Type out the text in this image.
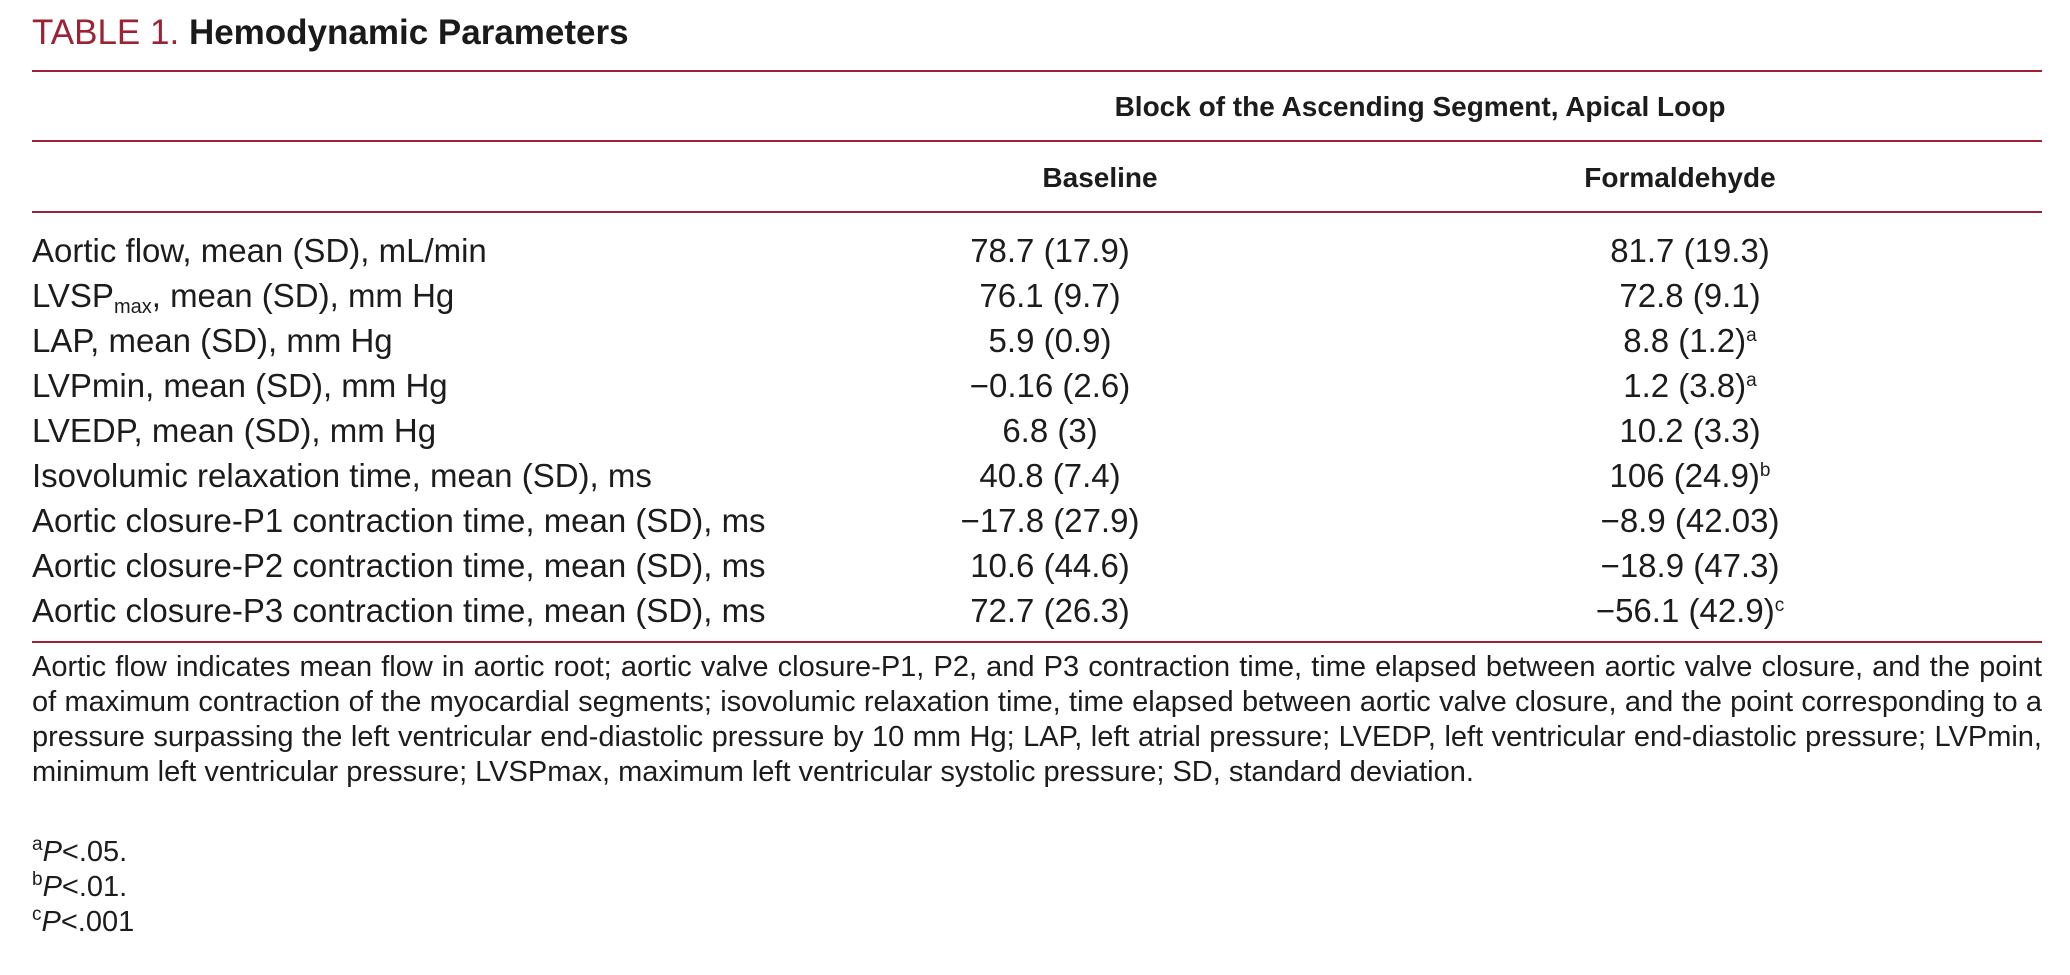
TABLE 1. Hemodynamic Parameters
Block of the Ascending Segment, Apical Loop
Baseline	Formaldehyde
Aortic flow, mean (SD), mL/min	78.7 (17.9)	81.7 (19.3)
$LVSP_{max}$, mean (SD), mm Hg	76.1 (9.7)	72.8 (9.1)
LAP, mean (SD), mm Hg	5.9 (0.9)	8.8 $(1.2)^a$
LVPmin, mean (SD), mm Hg	−0.16 (2.6)	1.2 $(3.8)^a$
LVEDP, mean (SD), mm Hg	6.8 (3)	10.2 (3.3)
Isovolumic relaxation time, mean (SD), ms	40.8 (7.4)	106 $(24.9)^b$
Aortic closure-P1 contraction time, mean (SD), ms	−17.8 (27.9)	−8.9 (42.03)
Aortic closure-P2 contraction time, mean (SD), ms	10.6 (44.6)	−18.9 (47.3)
Aortic closure-P3 contraction time, mean (SD), ms	72.7 (26.3)	−56.1 $(42.9)^c$
Aortic flow indicates mean flow in aortic root; aortic valve closure-P1, P2, and P3 contraction time, time elapsed between aortic valve closure, and the point of maximum contraction of the myocardial segments; isovolumic relaxation time, time elapsed between aortic valve closure, and the point corresponding to a pressure surpassing the left ventricular end-diastolic pressure by 10 mm Hg; LAP, left atrial pressure; LVEDP, left ventricular end-diastolic pressure; LVPmin, minimum left ventricular pressure; LVSPmax, maximum left ventricular systolic pressure; SD, standard deviation.
$^a$P<.05.
$^b$P<.01.
$^c$P<.001
